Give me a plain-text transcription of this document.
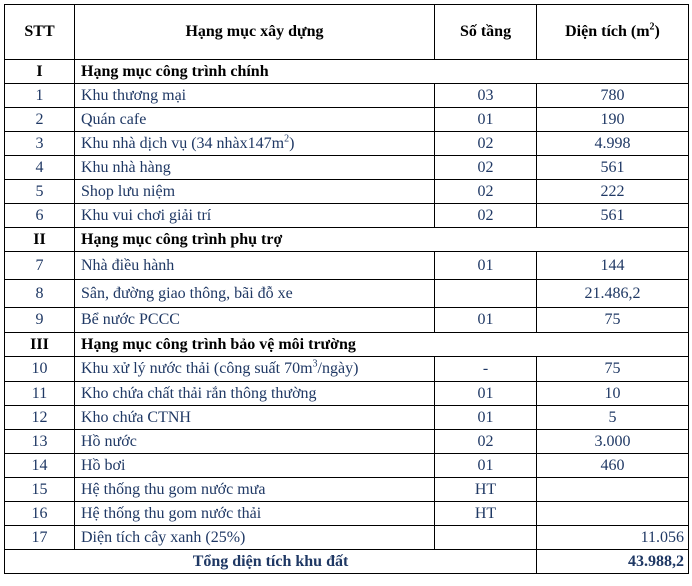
STT	Hạng mục xây dựng	Số tầng	Diện tích $(m^2)$
I	Hạng mục công trình chính		
1	Khu thương mại	03	780
2	Quán cafe	01	190
3	Khu nhà dịch vụ (34 $nhàx147m^2$)	02	4.998
4	Khu nhà hàng	02	561
5	Shop lưu niệm	02	222
6	Khu vui chơi giải trí	02	561
II	Hạng mục công trình phụ trợ		
7	Nhà điều hành	01	144
8	Sân, đường giao thông, bãi đỗ xe		21.486,2
9	Bể nước PCCC	01	75
III	Hạng mục công trình bảo vệ môi trường		
10	Khu xử lý nước thải (công suất $70m^3/ngày$)	-	75
11	Kho chứa chất thải rắn thông thường	01	10
12	Kho chứa CTNH	01	5
13	Hồ nước	02	3.000
14	Hồ bơi	01	460
15	Hệ thống thu gom nước mưa	HT	
16	Hệ thống thu gom nước thải	HT	
17	Diện tích cây xanh (25%)		11.056
Tổng diện tích khu đất			43.988,2
